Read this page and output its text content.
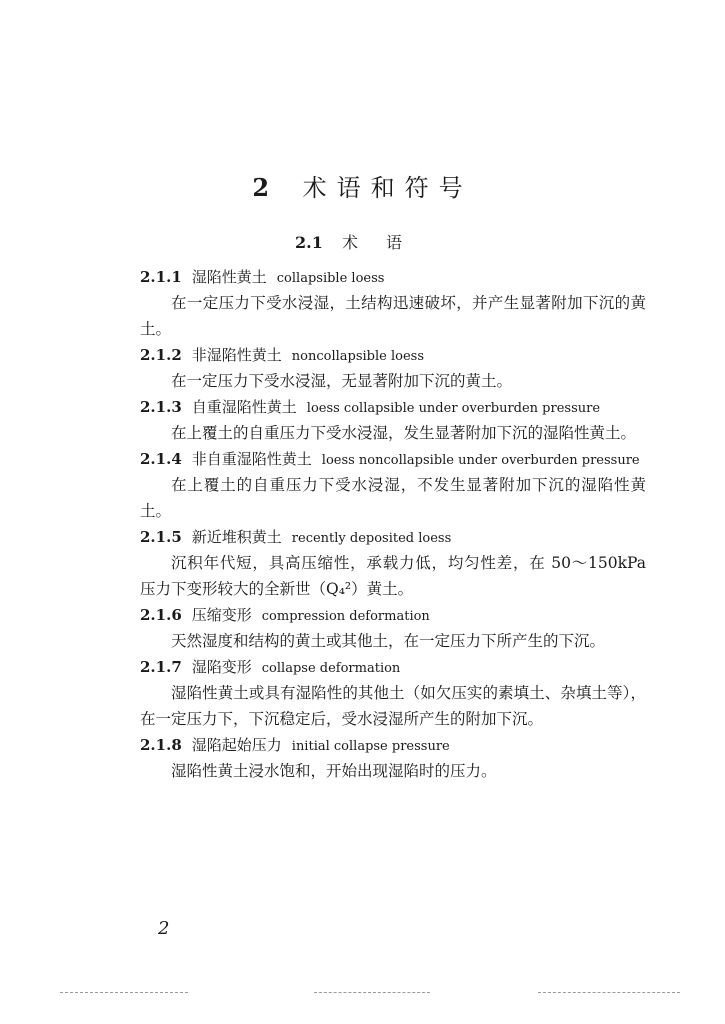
2 术语和符号
2.1 术语

2.1.1 湿陷性黄土 collapsible loess

在一定压力下受水浸湿，土结构迅速破坏，并产生显著附加下沉的黄土。

2.1.2 非湿陷性黄土 noncollapsible loess

在一定压力下受水浸湿，无显著附加下沉的黄土。

2.1.3 自重湿陷性黄土 loess collapsible under overburden pressure

在上覆土的自重压力下受水浸湿，发生显著附加下沉的湿陷性黄土。

2.1.4 非自重湿陷性黄土 loess noncollapsible under overburden pressure

在上覆土的自重压力下受水浸湿，不发生显著附加下沉的湿陷性黄土。

2.1.5 新近堆积黄土 recently deposited loess

沉积年代短，具高压缩性，承载力低，均匀性差，在 50～150kPa 压力下变形较大的全新世（Q₄²）黄土。

2.1.6 压缩变形 compression deformation

天然湿度和结构的黄土或其他土，在一定压力下所产生的下沉。

2.1.7 湿陷变形 collapse deformation

湿陷性黄土或具有湿陷性的其他土（如欠压实的素填土、杂填土等），在一定压力下，下沉稳定后，受水浸湿所产生的附加下沉。

2.1.8 湿陷起始压力 initial collapse pressure

湿陷性黄土浸水饱和，开始出现湿陷时的压力。

2
